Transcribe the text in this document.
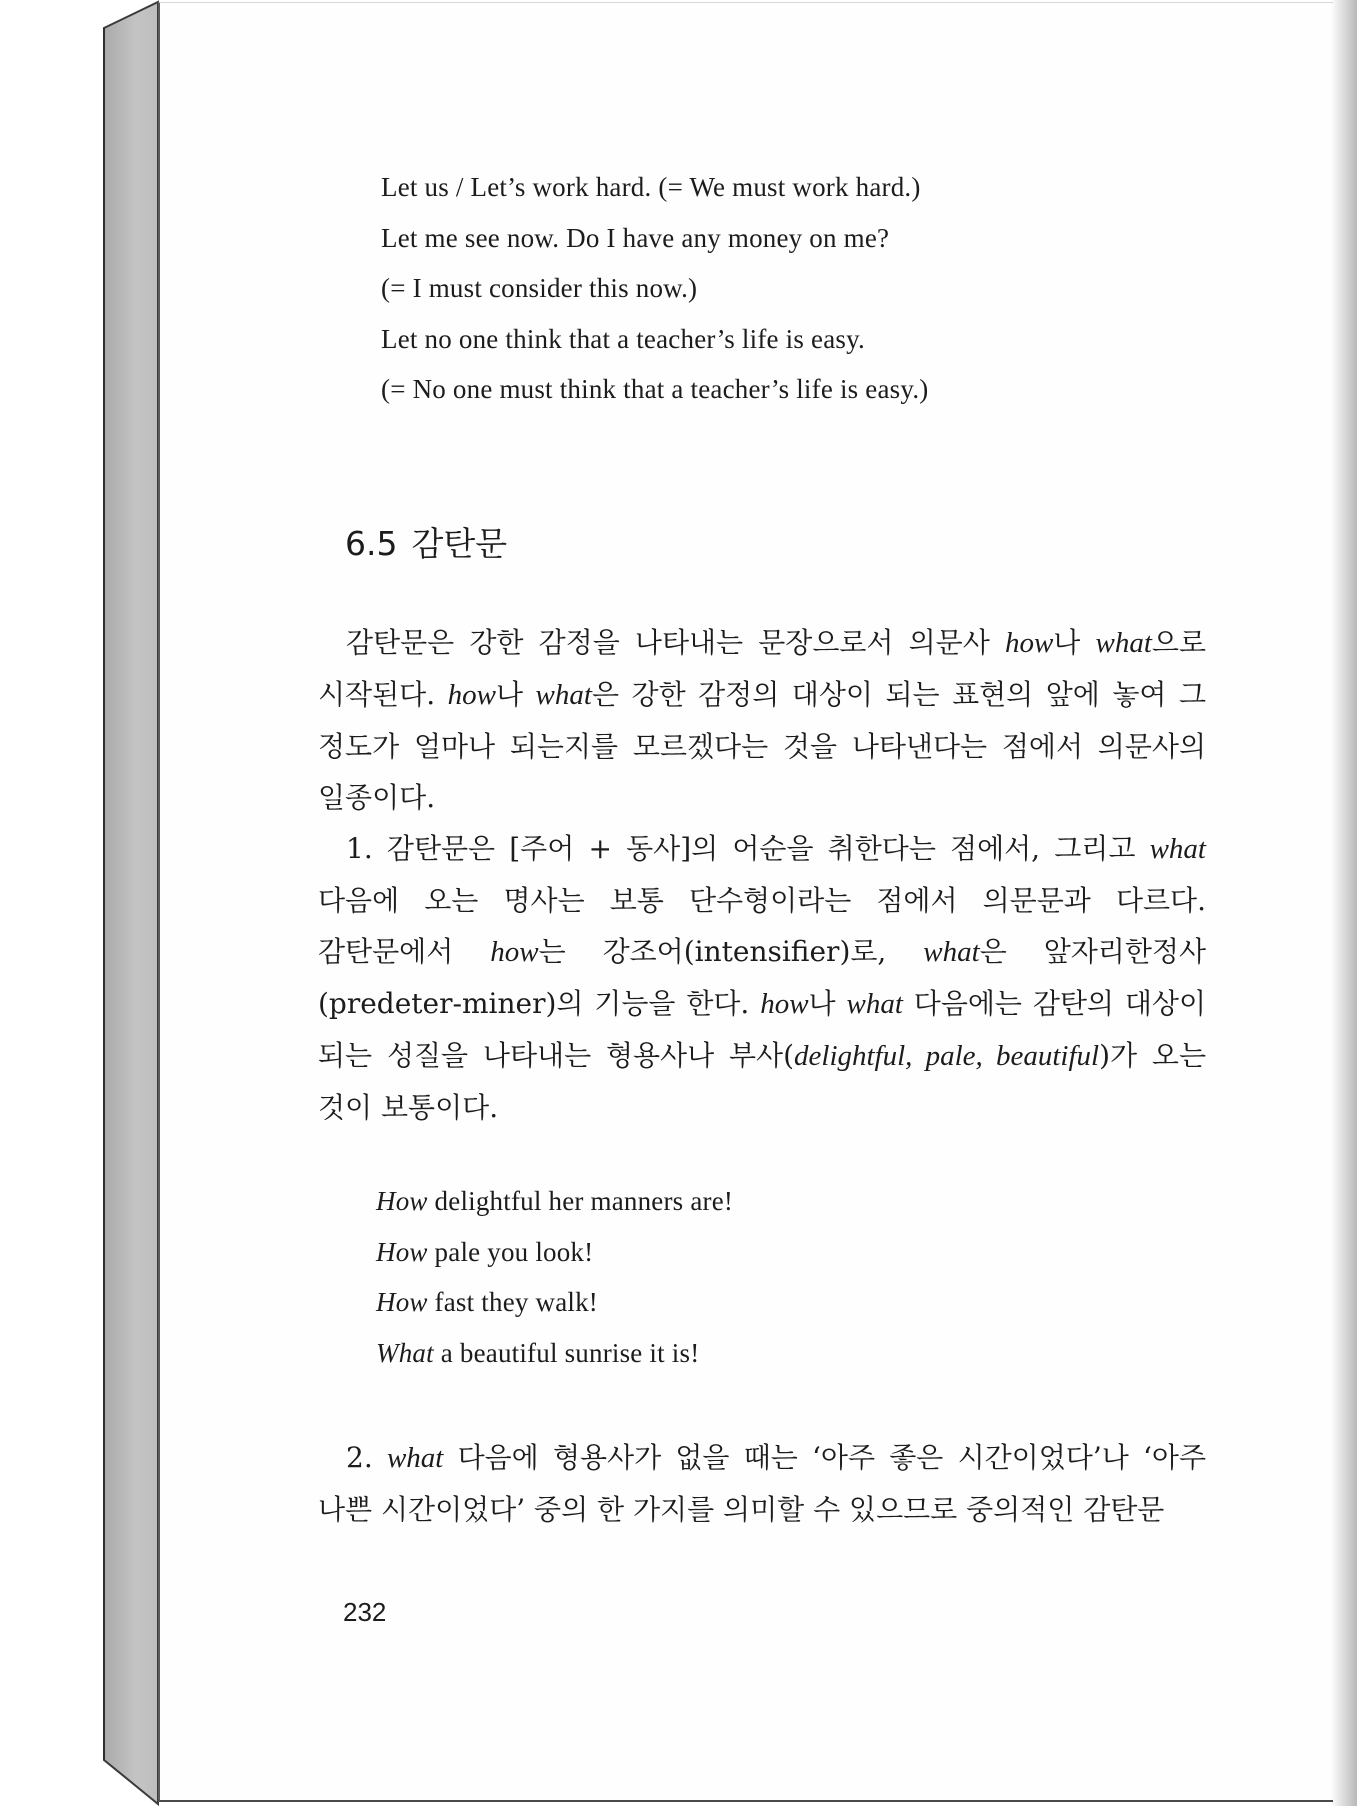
Let us / Let’s work hard. (= We must work hard.)
Let me see now. Do I have any money on me?
(= I must consider this now.)
Let no one think that a teacher’s life is easy.
(= No one must think that a teacher’s life is easy.)
6.5 감탄문

감탄문은 강한 감정을 나타내는 문장으로서 의문사 how나 what으로 시작된다. how나 what은 강한 감정의 대상이 되는 표현의 앞에 놓여 그 정도가 얼마나 되는지를 모르겠다는 것을 나타낸다는 점에서 의문사의 일종이다.

1. 감탄문은 [주어 + 동사]의 어순을 취한다는 점에서, 그리고 what 다음에 오는 명사는 보통 단수형이라는 점에서 의문문과 다르다. 감탄문에서 how는 강조어(intensifier)로, what은 앞자리한정사(predeter-miner)의 기능을 한다. how나 what 다음에는 감탄의 대상이 되는 성질을 나타내는 형용사나 부사(delightful, pale, beautiful)가 오는 것이 보통이다.

How delightful her manners are!
How pale you look!
How fast they walk!
What a beautiful sunrise it is!

2. what 다음에 형용사가 없을 때는 ‘아주 좋은 시간이었다’나 ‘아주 나쁜 시간이었다’ 중의 한 가지를 의미할 수 있으므로 중의적인 감탄문

232
